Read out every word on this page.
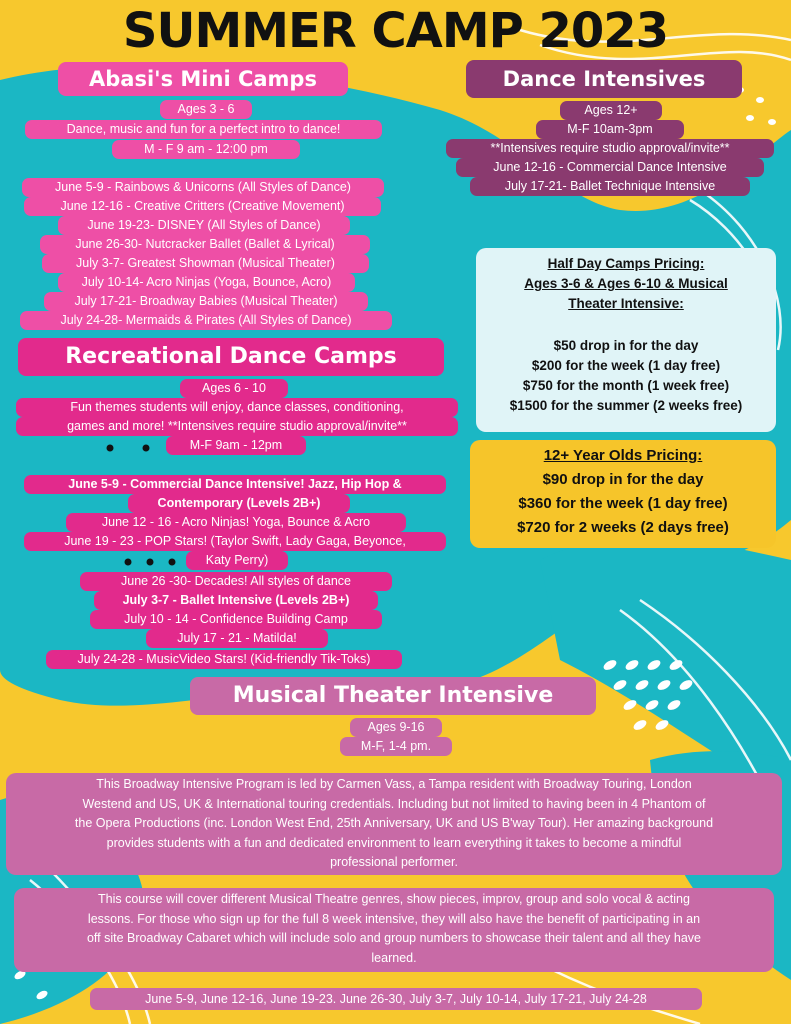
SUMMER CAMP 2023
Abasi's Mini Camps
Ages 3 - 6
Dance, music and fun for a perfect intro to dance!
M - F 9 am - 12:00 pm
June 5-9 - Rainbows & Unicorns (All Styles of Dance)
June 12-16 - Creative Critters (Creative Movement)
June 19-23- DISNEY (All Styles of Dance)
June 26-30- Nutcracker Ballet (Ballet & Lyrical)
July 3-7- Greatest Showman (Musical Theater)
July 10-14- Acro Ninjas (Yoga, Bounce, Acro)
July 17-21- Broadway Babies (Musical Theater)
July 24-28- Mermaids & Pirates (All Styles of Dance)
Dance Intensives
Ages 12+
M-F 10am-3pm
**Intensives require studio approval/invite**
June 12-16 - Commercial Dance Intensive
July 17-21- Ballet Technique Intensive
Half Day Camps Pricing:
Ages 3-6 & Ages 6-10 & Musical
Theater Intensive:
$50 drop in for the day
$200 for the week (1 day free)
$750 for the month (1 week free)
$1500 for the summer (2 weeks free)
12+ Year Olds Pricing:
$90 drop in for the day
$360 for the week (1 day free)
$720 for 2 weeks (2 days free)
Recreational Dance Camps
Ages 6 - 10
Fun themes students will enjoy, dance classes, conditioning,
games and more! **Intensives require studio approval/invite**
M-F 9am - 12pm
June 5-9 - Commercial Dance Intensive! Jazz, Hip Hop &
Contemporary (Levels 2B+)
June 12 - 16 - Acro Ninjas! Yoga, Bounce & Acro
June 19 - 23 - POP Stars! (Taylor Swift, Lady Gaga, Beyonce,
Katy Perry)
June 26 -30- Decades! All styles of dance
July 3-7 - Ballet Intensive (Levels 2B+)
July 10 - 14 - Confidence Building Camp
July 17 - 21 - Matilda!
July 24-28 - MusicVideo Stars! (Kid-friendly Tik-Toks)
Musical Theater Intensive
Ages 9-16
M-F, 1-4 pm.
This Broadway Intensive Program is led by Carmen Vass, a Tampa resident with Broadway Touring, London
Westend and US, UK & International touring credentials. Including but not limited to having been in 4 Phantom of
the Opera Productions (inc. London West End, 25th Anniversary, UK and US B'way Tour). Her amazing background
provides students with a fun and dedicated environment to learn everything it takes to become a mindful
professional performer.
This course will cover different Musical Theatre genres, show pieces, improv, group and solo vocal & acting
lessons. For those who sign up for the full 8 week intensive, they will also have the benefit of participating in an
off site Broadway Cabaret which will include solo and group numbers to showcase their talent and all they have
learned.
June 5-9, June 12-16, June 19-23. June 26-30, July 3-7, July 10-14, July 17-21, July 24-28
